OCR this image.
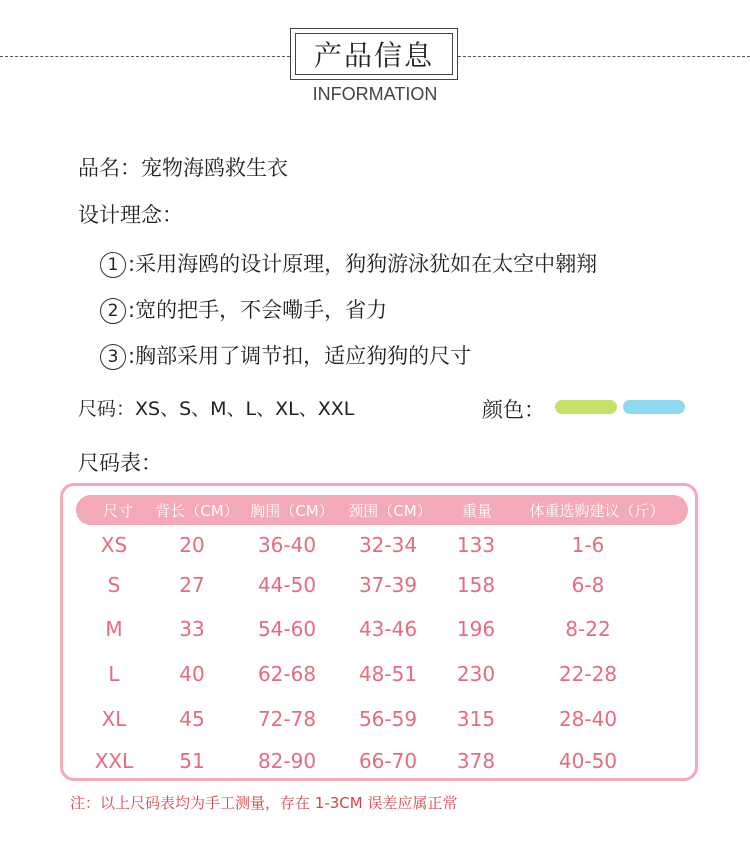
产品信息
INFORMATION
品名：宠物海鸥救生衣
设计理念：
1 :采用海鸥的设计原理，狗狗游泳犹如在太空中翱翔
2 :宽的把手，不会嘞手，省力
3 :胸部采用了调节扣，适应狗狗的尺寸
尺码：XS、S、M、L、XL、XXL	颜色：
尺码表：
尺寸 背长（CM） 胸围（CM） 颈围（CM） 重量 体重选购建议（斤）
XS	20	36-40 32-34 133	1-6
S	27	44-50 37-39 158	6-8
M	33	54-60 43-46 196	8-22
L	40	62-68 48-51 230	22-28
XL	45	72-78 56-59 315	28-40
XXL 51	82-90 66-70 378	40-50
注：以上尺码表均为手工测量，存在 1-3CM 误差应属正常
